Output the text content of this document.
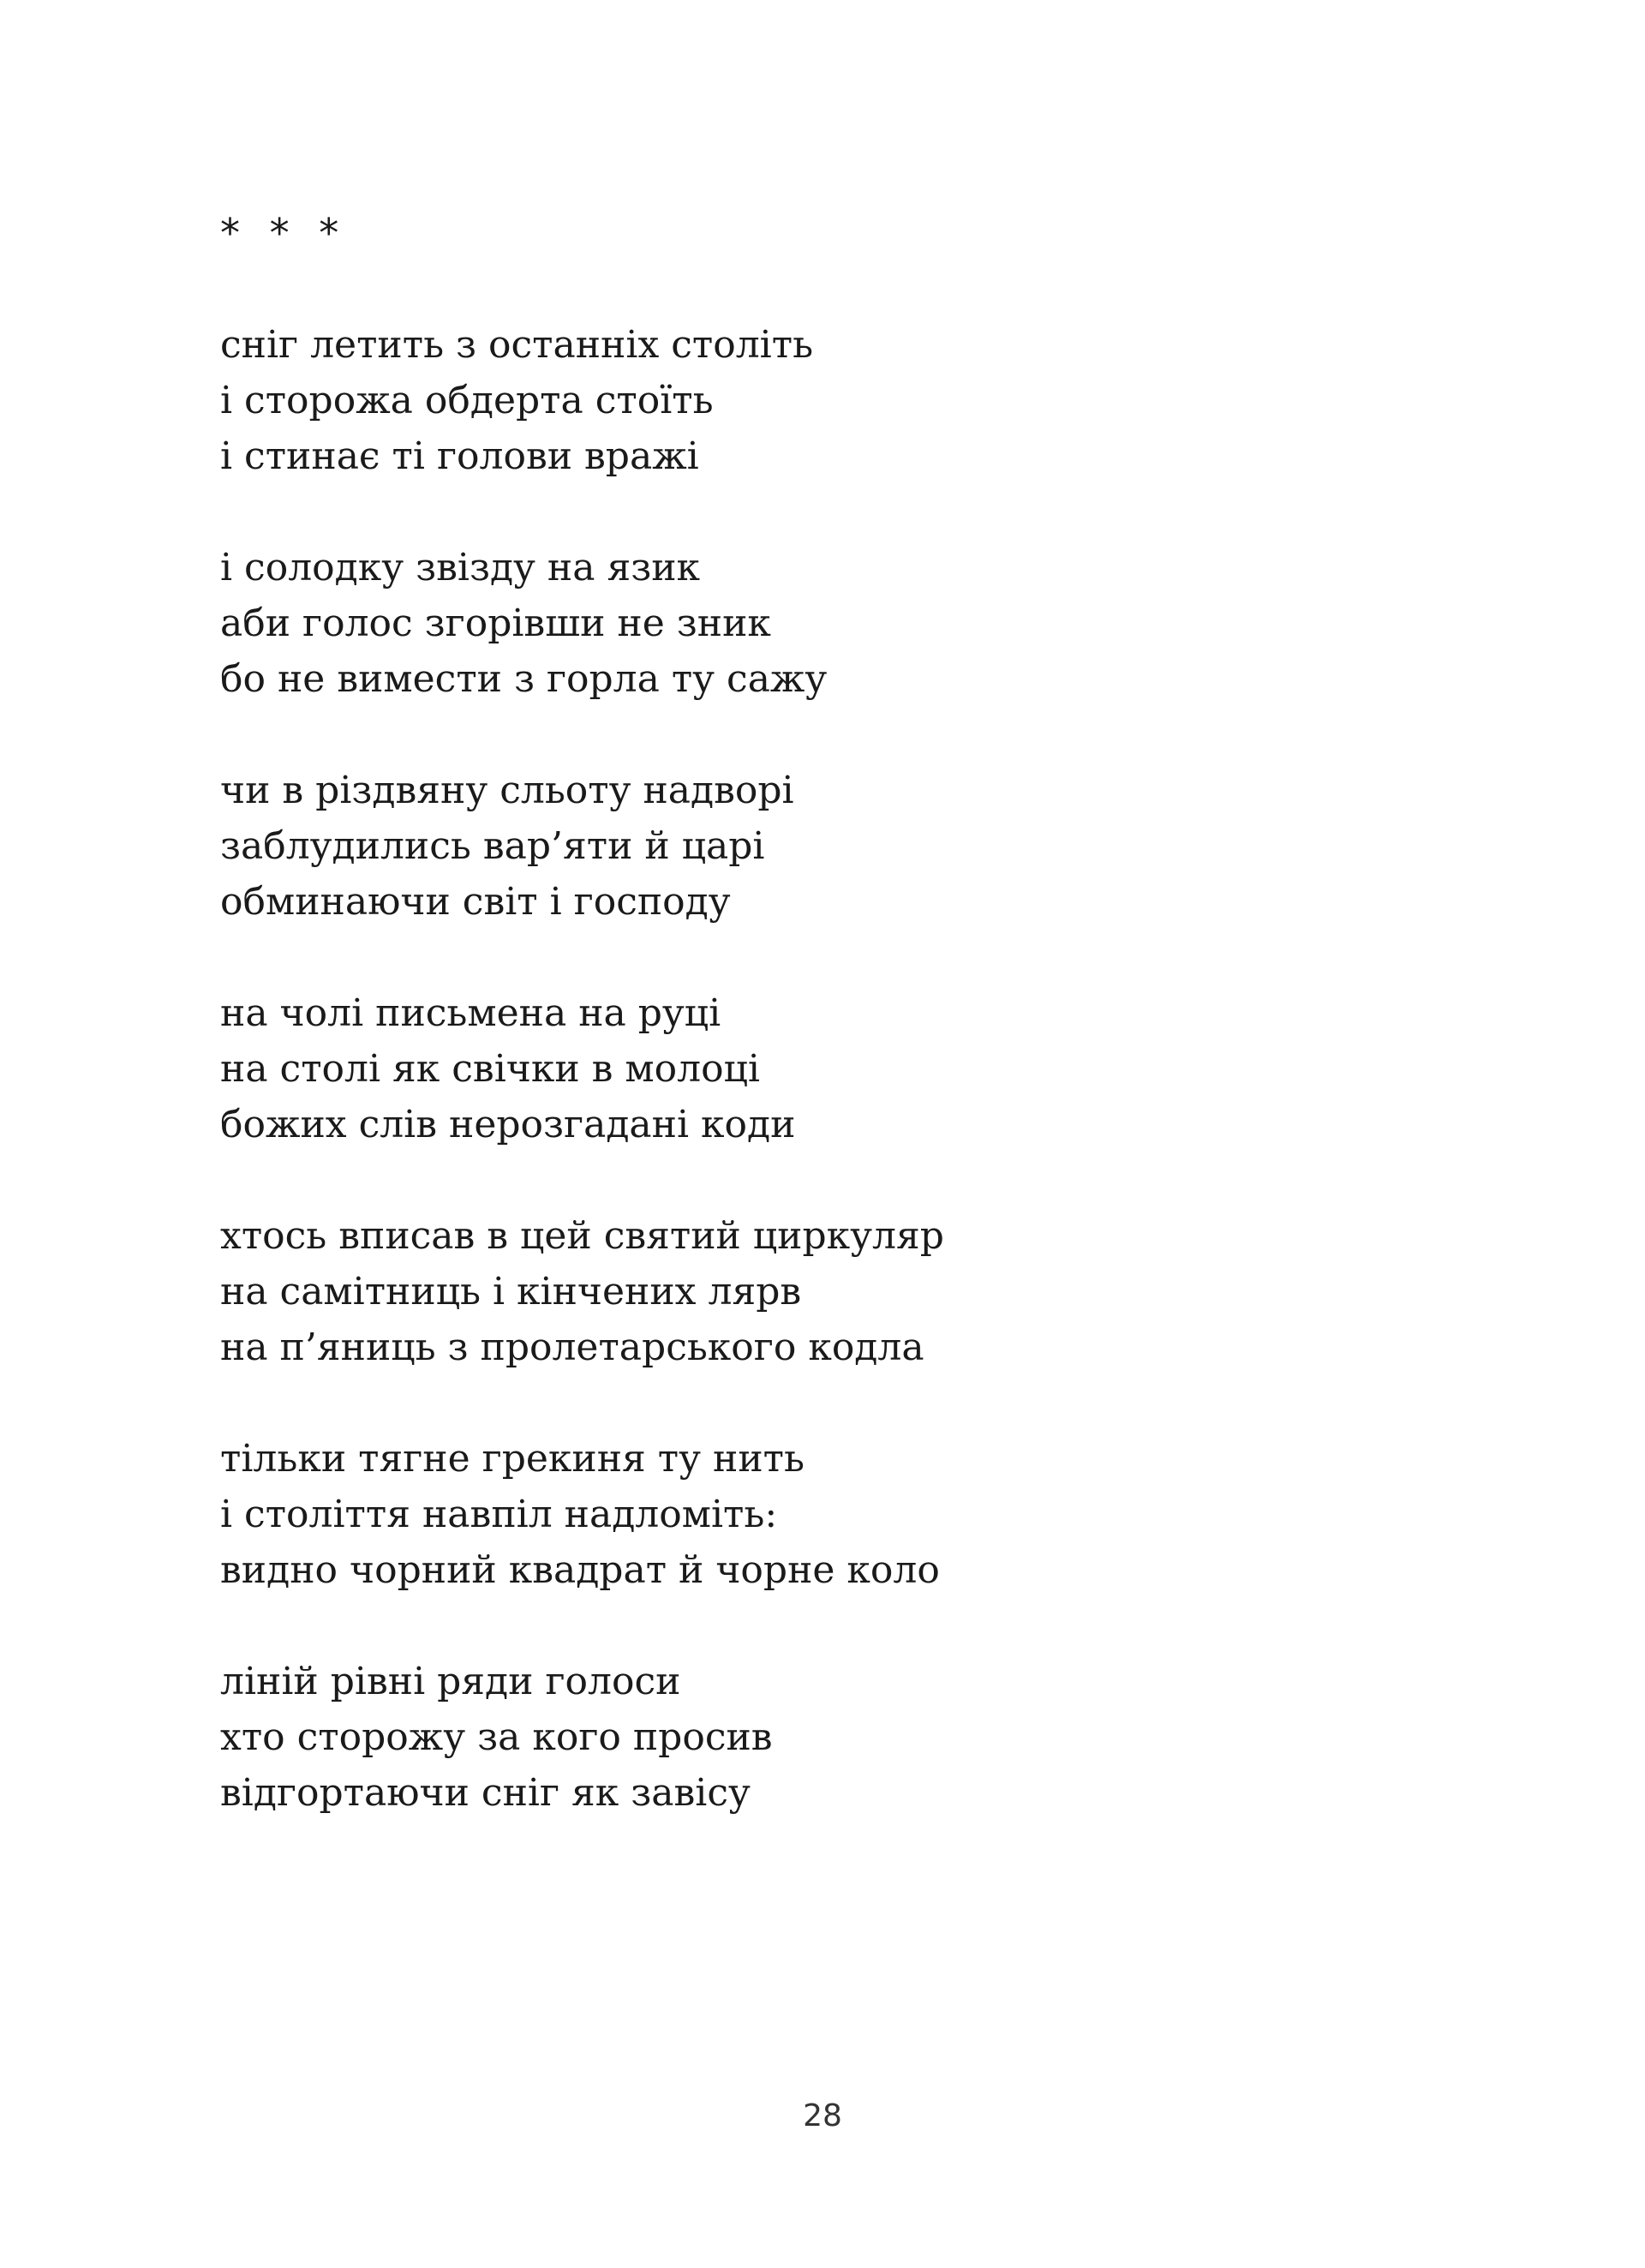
* * *
сніг летить з останніх століть
і сторожа обдерта стоїть
і стинає ті голови вражі
і солодку звізду на язик
аби голос згорівши не зник
бо не вимести з горла ту сажу
чи в різдвяну сльоту надворі
заблудились вар’яти й царі
обминаючи світ і господу
на чолі письмена на руці
на столі як свічки в молоці
божих слів нерозгадані коди
хтось вписав в цей святий циркуляр
на самітниць і кінчених лярв
на п’яниць з пролетарського кодла
тільки тягне грекиня ту нить
і століття навпіл надломіть:
видно чорний квадрат й чорне коло
ліній рівні ряди голоси
хто сторожу за кого просив
відгортаючи сніг як завісу
28
